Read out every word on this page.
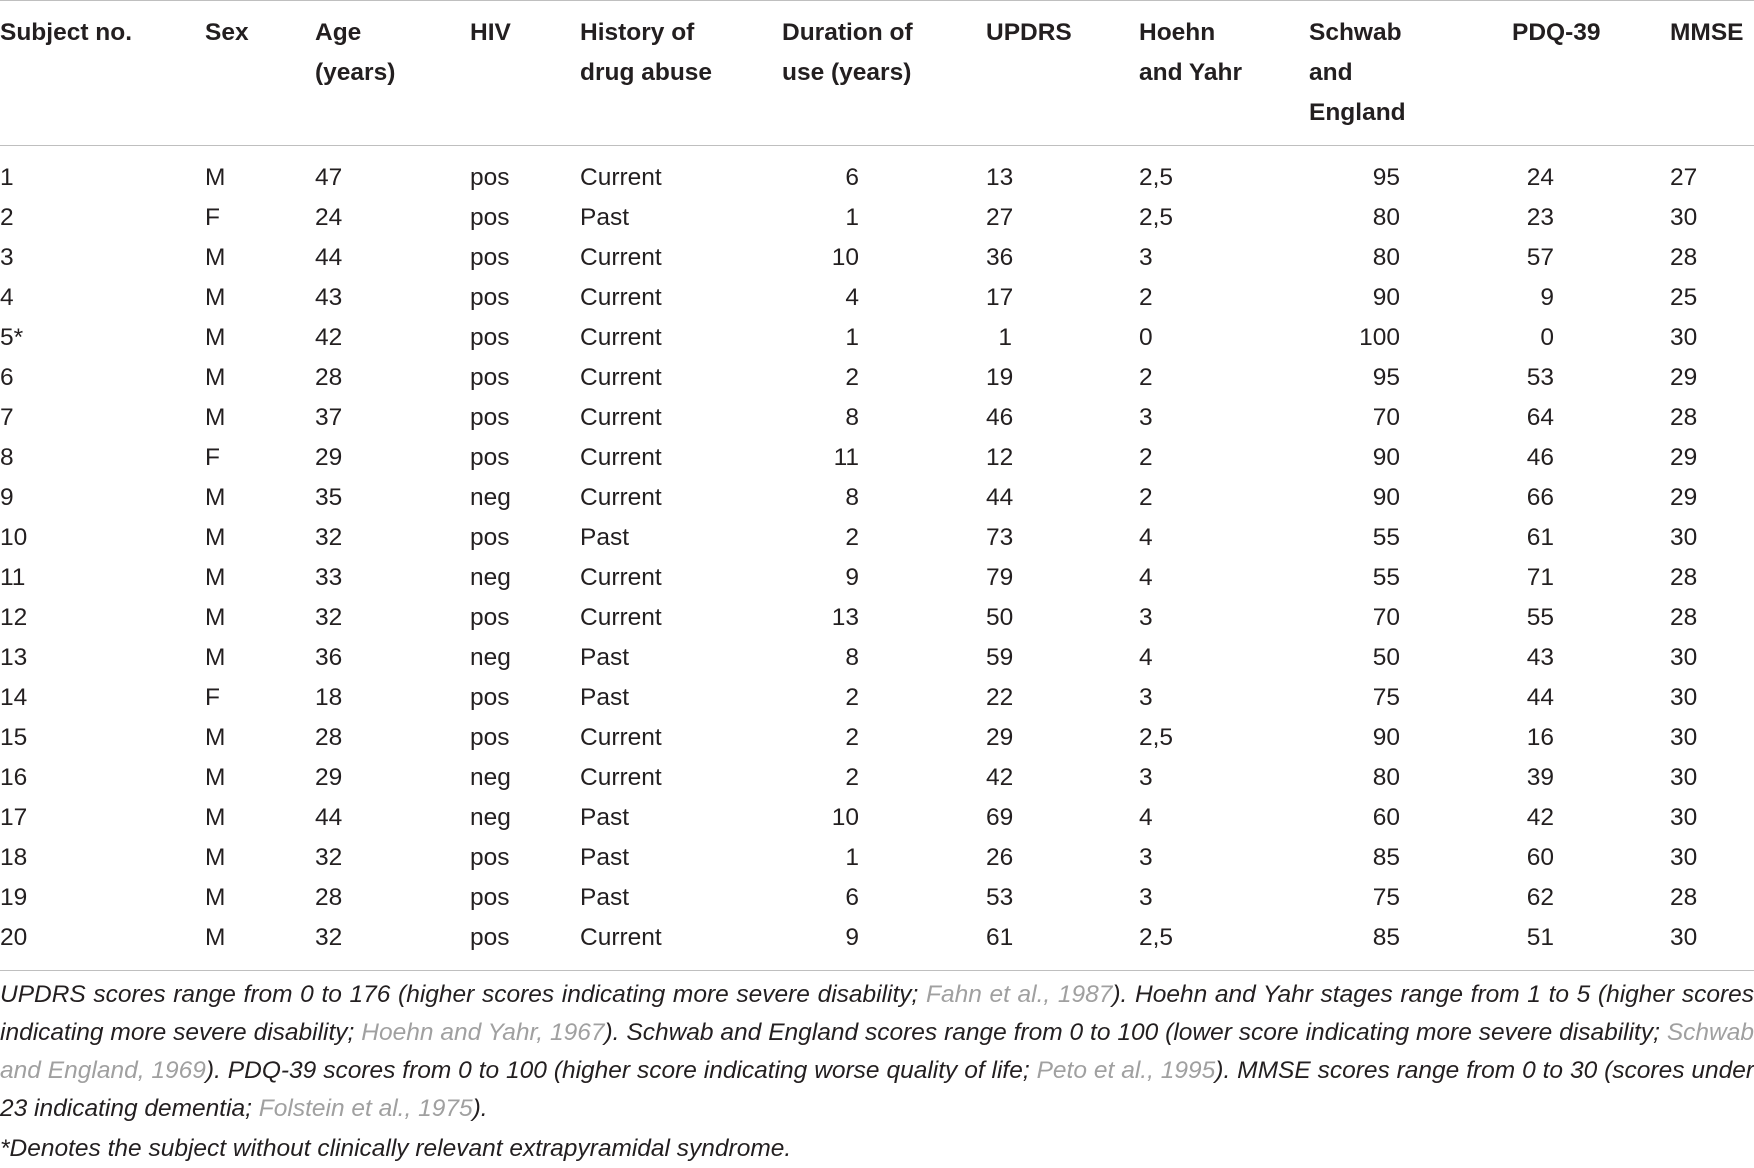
Subject no.	Sex	Age (years)	HIV	History of drug abuse	Duration of use (years)	UPDRS	Hoehn and Yahr	Schwab and England	PDQ-39	MMSE
1	M	47	pos	Current	6	13	2,5	95	24	27
2	F	24	pos	Past	1	27	2,5	80	23	30
3	M	44	pos	Current	10	36	3	80	57	28
4	M	43	pos	Current	4	17	2	90	9	25
5*	M	42	pos	Current	1	1	0	100	0	30
6	M	28	pos	Current	2	19	2	95	53	29
7	M	37	pos	Current	8	46	3	70	64	28
8	F	29	pos	Current	11	12	2	90	46	29
9	M	35	neg	Current	8	44	2	90	66	29
10	M	32	pos	Past	2	73	4	55	61	30
11	M	33	neg	Current	9	79	4	55	71	28
12	M	32	pos	Current	13	50	3	70	55	28
13	M	36	neg	Past	8	59	4	50	43	30
14	F	18	pos	Past	2	22	3	75	44	30
15	M	28	pos	Current	2	29	2,5	90	16	30
16	M	29	neg	Current	2	42	3	80	39	30
17	M	44	neg	Past	10	69	4	60	42	30
18	M	32	pos	Past	1	26	3	85	60	30
19	M	28	pos	Past	6	53	3	75	62	28
20	M	32	pos	Current	9	61	2,5	85	51	30
UPDRS scores range from 0 to 176 (higher scores indicating more severe disability; Fahn et al., 1987). Hoehn and Yahr stages range from 1 to 5 (higher scores indicating more severe disability; Hoehn and Yahr, 1967). Schwab and England scores range from 0 to 100 (lower score indicating more severe disability; Schwab and England, 1969). PDQ-39 scores from 0 to 100 (higher score indicating worse quality of life; Peto et al., 1995). MMSE scores range from 0 to 30 (scores under 23 indicating dementia; Folstein et al., 1975).
*Denotes the subject without clinically relevant extrapyramidal syndrome.
